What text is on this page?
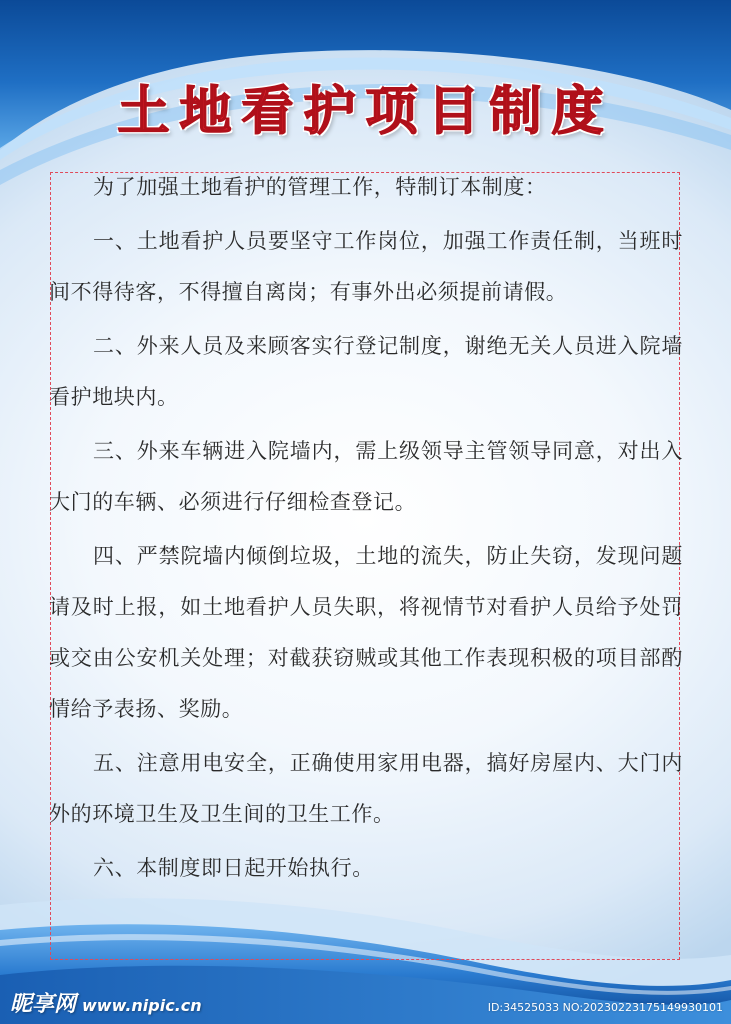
土地看护项目制度

为了加强土地看护的管理工作，特制订本制度：

一、土地看护人员要坚守工作岗位，加强工作责任制，当班时间不得待客，不得擅自离岗；有事外出必须提前请假。

二、外来人员及来顾客实行登记制度，谢绝无关人员进入院墙看护地块内。

三、外来车辆进入院墙内，需上级领导主管领导同意，对出入大门的车辆、必须进行仔细检查登记。

四、严禁院墙内倾倒垃圾，土地的流失，防止失窃，发现问题请及时上报，如土地看护人员失职，将视情节对看护人员给予处罚或交由公安机关处理；对截获窃贼或其他工作表现积极的项目部酌情给予表扬、奖励。

五、注意用电安全，正确使用家用电器，搞好房屋内、大门内外的环境卫生及卫生间的卫生工作。

六、本制度即日起开始执行。

昵享网 www.nipic.cn	ID:34525033 NO:20230223175149930101
